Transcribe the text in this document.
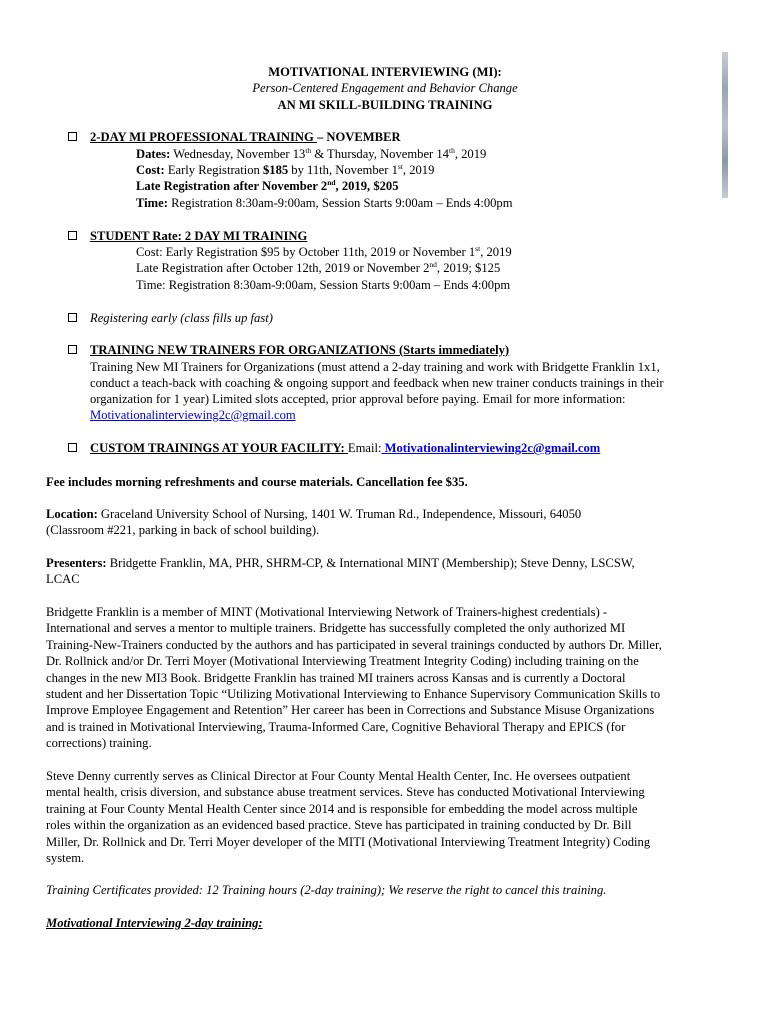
MOTIVATIONAL INTERVIEWING (MI):
Person-Centered Engagement and Behavior Change
AN MI SKILL-BUILDING TRAINING
2-DAY MI PROFESSIONAL TRAINING – NOVEMBER
Dates: Wednesday, November 13th & Thursday, November 14th, 2019
Cost: Early Registration $185 by 11th, November 1st, 2019
Late Registration after November 2nd, 2019, $205
Time: Registration 8:30am-9:00am, Session Starts 9:00am – Ends 4:00pm
STUDENT Rate: 2 DAY MI TRAINING
Cost: Early Registration $95 by October 11th, 2019 or November 1st, 2019
Late Registration after October 12th, 2019 or November 2nd, 2019; $125
Time: Registration 8:30am-9:00am, Session Starts 9:00am – Ends 4:00pm
Registering early (class fills up fast)
TRAINING NEW TRAINERS FOR ORGANIZATIONS (Starts immediately)
Training New MI Trainers for Organizations (must attend a 2-day training and work with Bridgette Franklin 1x1,
conduct a teach-back with coaching & ongoing support and feedback when new trainer conducts trainings in their
organization for 1 year) Limited slots accepted, prior approval before paying. Email for more information:
Motivationalinterviewing2c@gmail.com
CUSTOM TRAININGS AT YOUR FACILITY: Email: Motivationalinterviewing2c@gmail.com
Fee includes morning refreshments and course materials. Cancellation fee $35.
Location: Graceland University School of Nursing, 1401 W. Truman Rd., Independence, Missouri, 64050
(Classroom #221, parking in back of school building).
Presenters: Bridgette Franklin, MA, PHR, SHRM-CP, & International MINT (Membership); Steve Denny, LSCSW,
LCAC
Bridgette Franklin is a member of MINT (Motivational Interviewing Network of Trainers-highest credentials) -
International and serves a mentor to multiple trainers. Bridgette has successfully completed the only authorized MI
Training-New-Trainers conducted by the authors and has participated in several trainings conducted by authors Dr. Miller,
Dr. Rollnick and/or Dr. Terri Moyer (Motivational Interviewing Treatment Integrity Coding) including training on the
changes in the new MI3 Book. Bridgette Franklin has trained MI trainers across Kansas and is currently a Doctoral
student and her Dissertation Topic “Utilizing Motivational Interviewing to Enhance Supervisory Communication Skills to
Improve Employee Engagement and Retention” Her career has been in Corrections and Substance Misuse Organizations
and is trained in Motivational Interviewing, Trauma-Informed Care, Cognitive Behavioral Therapy and EPICS (for
corrections) training.
Steve Denny currently serves as Clinical Director at Four County Mental Health Center, Inc. He oversees outpatient
mental health, crisis diversion, and substance abuse treatment services. Steve has conducted Motivational Interviewing
training at Four County Mental Health Center since 2014 and is responsible for embedding the model across multiple
roles within the organization as an evidenced based practice. Steve has participated in training conducted by Dr. Bill
Miller, Dr. Rollnick and Dr. Terri Moyer developer of the MITI (Motivational Interviewing Treatment Integrity) Coding
system.
Training Certificates provided: 12 Training hours (2-day training); We reserve the right to cancel this training.
Motivational Interviewing 2-day training:
